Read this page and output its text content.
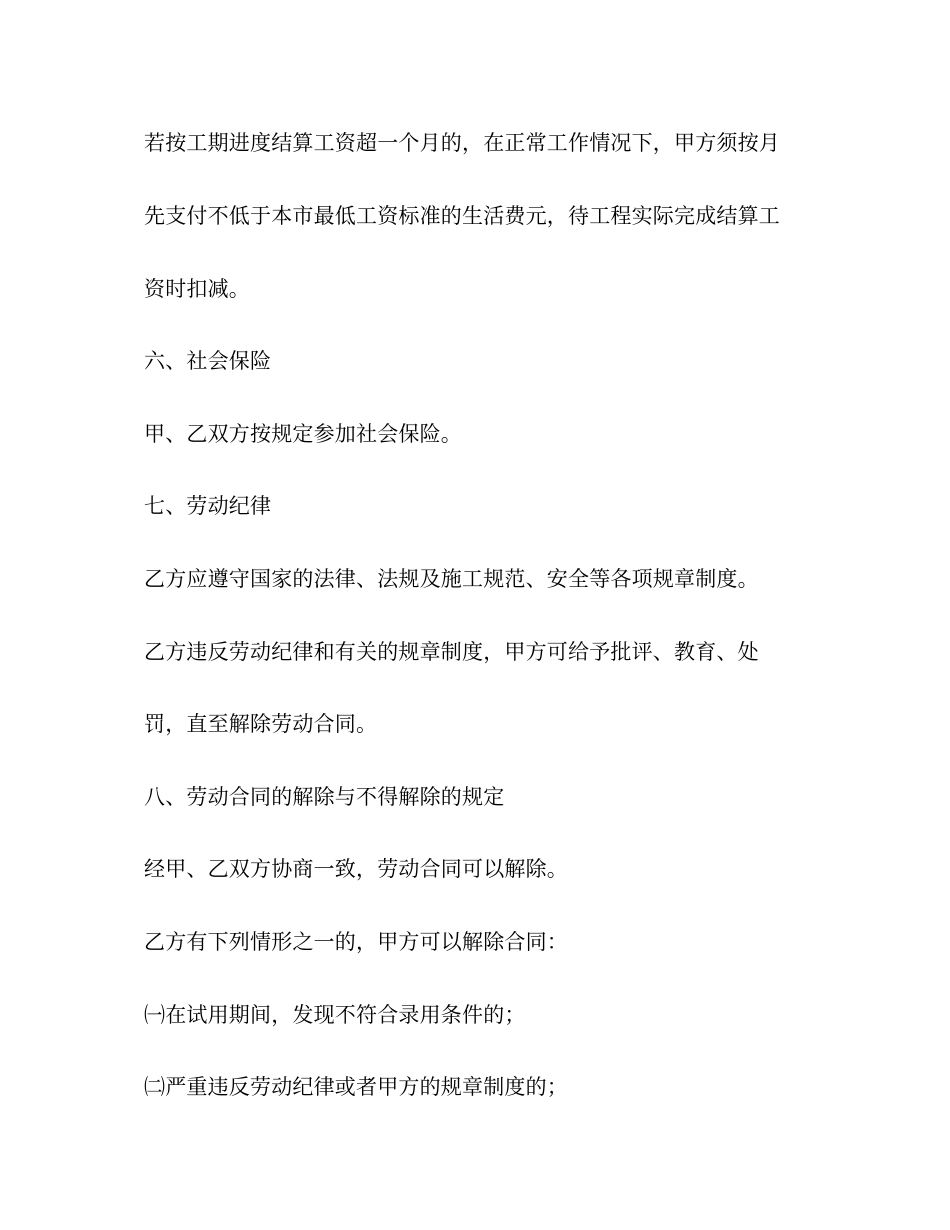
若按工期进度结算工资超一个月的，在正常工作情况下，甲方须按月
先支付不低于本市最低工资标准的生活费元，待工程实际完成结算工
资时扣减。
六、社会保险
甲、乙双方按规定参加社会保险。
七、劳动纪律
乙方应遵守国家的法律、法规及施工规范、安全等各项规章制度。
乙方违反劳动纪律和有关的规章制度，甲方可给予批评、教育、处
罚，直至解除劳动合同。
八、劳动合同的解除与不得解除的规定
经甲、乙双方协商一致，劳动合同可以解除。
乙方有下列情形之一的，甲方可以解除合同：
㈠在试用期间，发现不符合录用条件的；
㈡严重违反劳动纪律或者甲方的规章制度的；
